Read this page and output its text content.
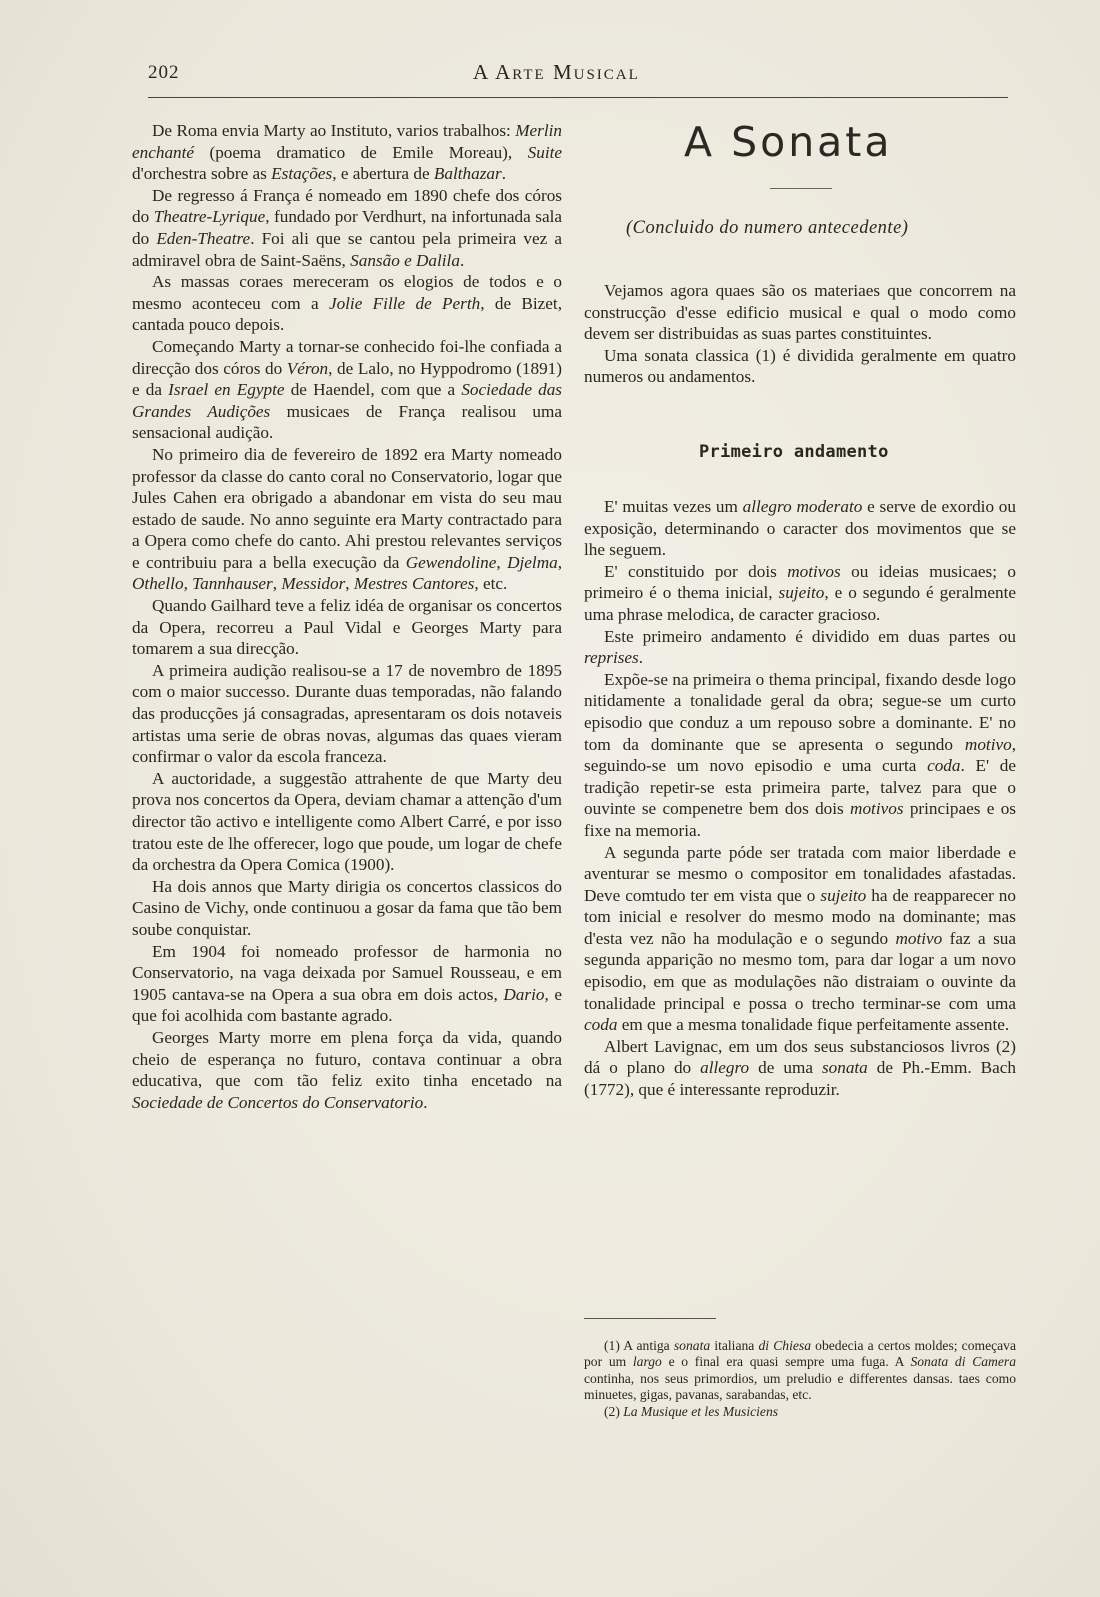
202	A Arte Musical

De Roma envia Marty ao Instituto, varios trabalhos: Merlin enchanté (poema dramatico de Emile Moreau), Suite d'orchestra sobre as Estações, e abertura de Balthazar.

De regresso á França é nomeado em 1890 chefe dos córos do Theatre-Lyrique, fundado por Verdhurt, na infortunada sala do Eden-Theatre. Foi ali que se cantou pela primeira vez a admiravel obra de Saint-Saëns, Sansão e Dalila.

As massas coraes mereceram os elogios de todos e o mesmo aconteceu com a Jolie Fille de Perth, de Bizet, cantada pouco depois.

Começando Marty a tornar-se conhecido foi-lhe confiada a direcção dos córos do Véron, de Lalo, no Hyppodromo (1891) e da Israel en Egypte de Haendel, com que a Sociedade das Grandes Audições musicaes de França realisou uma sensacional audição.

No primeiro dia de fevereiro de 1892 era Marty nomeado professor da classe do canto coral no Conservatorio, logar que Jules Cahen era obrigado a abandonar em vista do seu mau estado de saude. No anno seguinte era Marty contractado para a Opera como chefe do canto. Ahi prestou relevantes serviços e contribuiu para a bella execução da Gewendoline, Djelma, Othello, Tannhauser, Messidor, Mestres Cantores, etc.

Quando Gailhard teve a feliz idéa de organisar os concertos da Opera, recorreu a Paul Vidal e Georges Marty para tomarem a sua direcção.

A primeira audição realisou-se a 17 de novembro de 1895 com o maior successo. Durante duas temporadas, não falando das producções já consagradas, apresentaram os dois notaveis artistas uma serie de obras novas, algumas das quaes vieram confirmar o valor da escola franceza.

A auctoridade, a suggestão attrahente de que Marty deu prova nos concertos da Opera, deviam chamar a attenção d'um director tão activo e intelligente como Albert Carré, e por isso tratou este de lhe offerecer, logo que poude, um logar de chefe da orchestra da Opera Comica (1900).

Ha dois annos que Marty dirigia os concertos classicos do Casino de Vichy, onde continuou a gosar da fama que tão bem soube conquistar.

Em 1904 foi nomeado professor de harmonia no Conservatorio, na vaga deixada por Samuel Rousseau, e em 1905 cantava-se na Opera a sua obra em dois actos, Dario, e que foi acolhida com bastante agrado.

Georges Marty morre em plena força da vida, quando cheio de esperança no futuro, contava continuar a obra educativa, que com tão feliz exito tinha encetado na Sociedade de Concertos do Conservatorio.

A Sonata
(Concluido do numero antecedente)

Vejamos agora quaes são os materiaes que concorrem na construcção d'esse edificio musical e qual o modo como devem ser distribuidas as suas partes constituintes.

Uma sonata classica (1) é dividida geralmente em quatro numeros ou andamentos.

Primeiro andamento

E' muitas vezes um allegro moderato e serve de exordio ou exposição, determinando o caracter dos movimentos que se lhe seguem.

E' constituido por dois motivos ou ideias musicaes; o primeiro é o thema inicial, sujeito, e o segundo é geralmente uma phrase melodica, de caracter gracioso.

Este primeiro andamento é dividido em duas partes ou reprises.

Expõe-se na primeira o thema principal, fixando desde logo nitidamente a tonalidade geral da obra; segue-se um curto episodio que conduz a um repouso sobre a dominante. E' no tom da dominante que se apresenta o segundo motivo, seguindo-se um novo episodio e uma curta coda. E' de tradição repetir-se esta primeira parte, talvez para que o ouvinte se compenetre bem dos dois motivos principaes e os fixe na memoria.

A segunda parte póde ser tratada com maior liberdade e aventurar se mesmo o compositor em tonalidades afastadas. Deve comtudo ter em vista que o sujeito ha de reapparecer no tom inicial e resolver do mesmo modo na dominante; mas d'esta vez não ha modulação e o segundo motivo faz a sua segunda apparição no mesmo tom, para dar logar a um novo episodio, em que as modulações não distraiam o ouvinte da tonalidade principal e possa o trecho terminar-se com uma coda em que a mesma tonalidade fique perfeitamente assente.

Albert Lavignac, em um dos seus substanciosos livros (2) dá o plano do allegro de uma sonata de Ph.-Emm. Bach (1772), que é interessante reproduzir.

(1) A antiga sonata italiana di Chiesa obedecia a certos moldes; começava por um largo e o final era quasi sempre uma fuga. A Sonata di Camera continha, nos seus primordios, um preludio e differentes dansas. taes como minuetes, gigas, pavanas, sarabandas, etc.

(2) La Musique et les Musiciens
